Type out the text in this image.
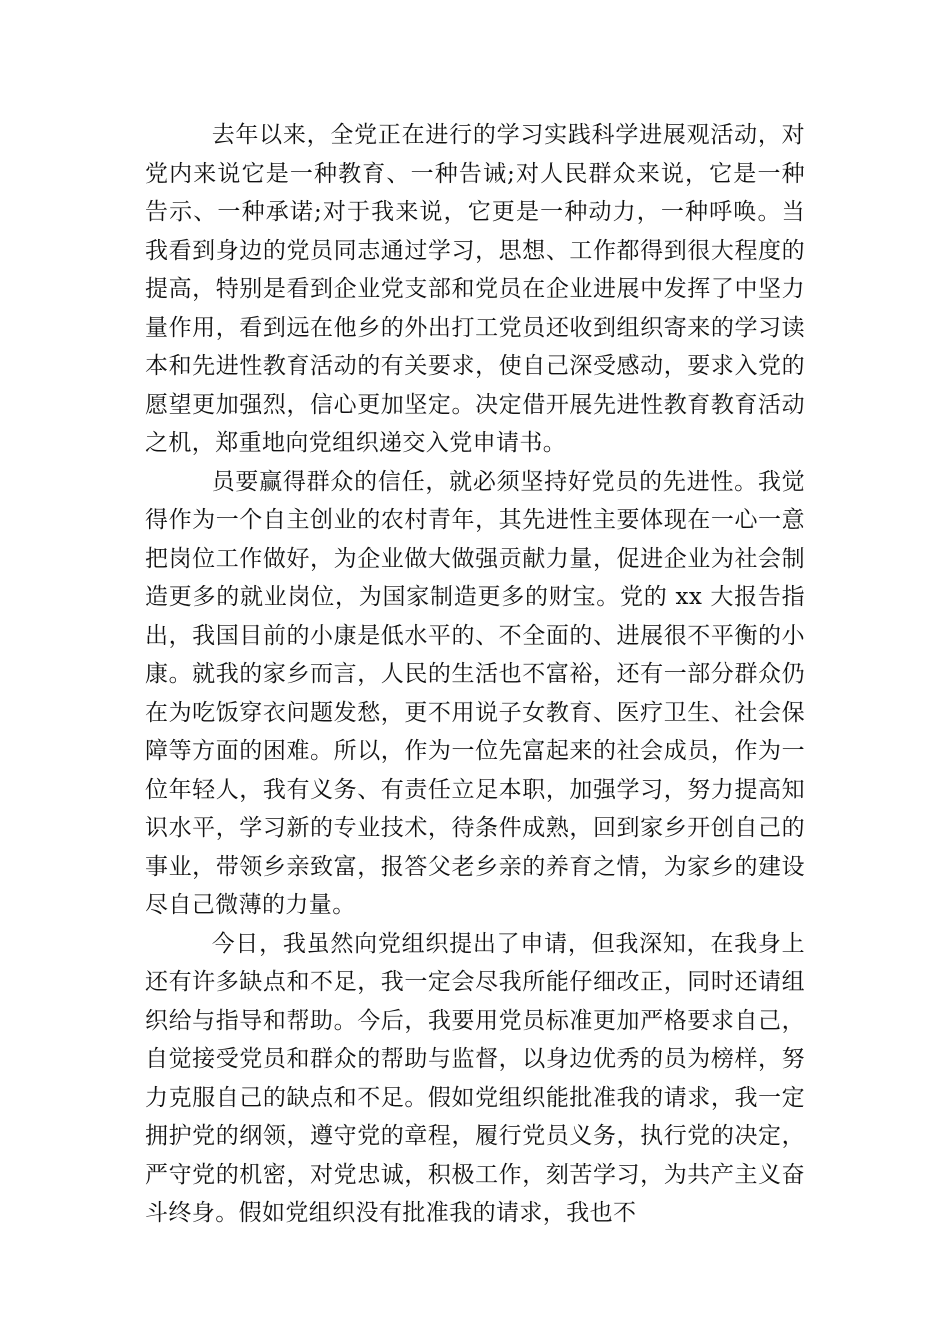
去年以来，全党正在进行的学习实践科学进展观活动，对党内来说它是一种教育、一种告诫;对人民群众来说，它是一种告示、一种承诺;对于我来说，它更是一种动力，一种呼唤。当我看到身边的党员同志通过学习，思想、工作都得到很大程度的提高，特别是看到企业党支部和党员在企业进展中发挥了中坚力量作用，看到远在他乡的外出打工党员还收到组织寄来的学习读本和先进性教育活动的有关要求，使自己深受感动，要求入党的愿望更加强烈，信心更加坚定。决定借开展先进性教育教育活动之机，郑重地向党组织递交入党申请书。

员要赢得群众的信任，就必须坚持好党员的先进性。我觉得作为一个自主创业的农村青年，其先进性主要体现在一心一意把岗位工作做好，为企业做大做强贡献力量，促进企业为社会制造更多的就业岗位，为国家制造更多的财宝。党的 xx 大报告指出，我国目前的小康是低水平的、不全面的、进展很不平衡的小康。就我的家乡而言，人民的生活也不富裕，还有一部分群众仍在为吃饭穿衣问题发愁，更不用说子女教育、医疗卫生、社会保障等方面的困难。所以，作为一位先富起来的社会成员，作为一位年轻人，我有义务、有责任立足本职，加强学习，努力提高知识水平，学习新的专业技术，待条件成熟，回到家乡开创自己的事业，带领乡亲致富，报答父老乡亲的养育之情，为家乡的建设尽自己微薄的力量。

今日，我虽然向党组织提出了申请，但我深知，在我身上还有许多缺点和不足，我一定会尽我所能仔细改正，同时还请组织给与指导和帮助。今后，我要用党员标准更加严格要求自己，自觉接受党员和群众的帮助与监督，以身边优秀的员为榜样，努力克服自己的缺点和不足。假如党组织能批准我的请求，我一定拥护党的纲领，遵守党的章程，履行党员义务，执行党的决定，严守党的机密，对党忠诚，积极工作，刻苦学习，为共产主义奋斗终身。假如党组织没有批准我的请求，我也不
